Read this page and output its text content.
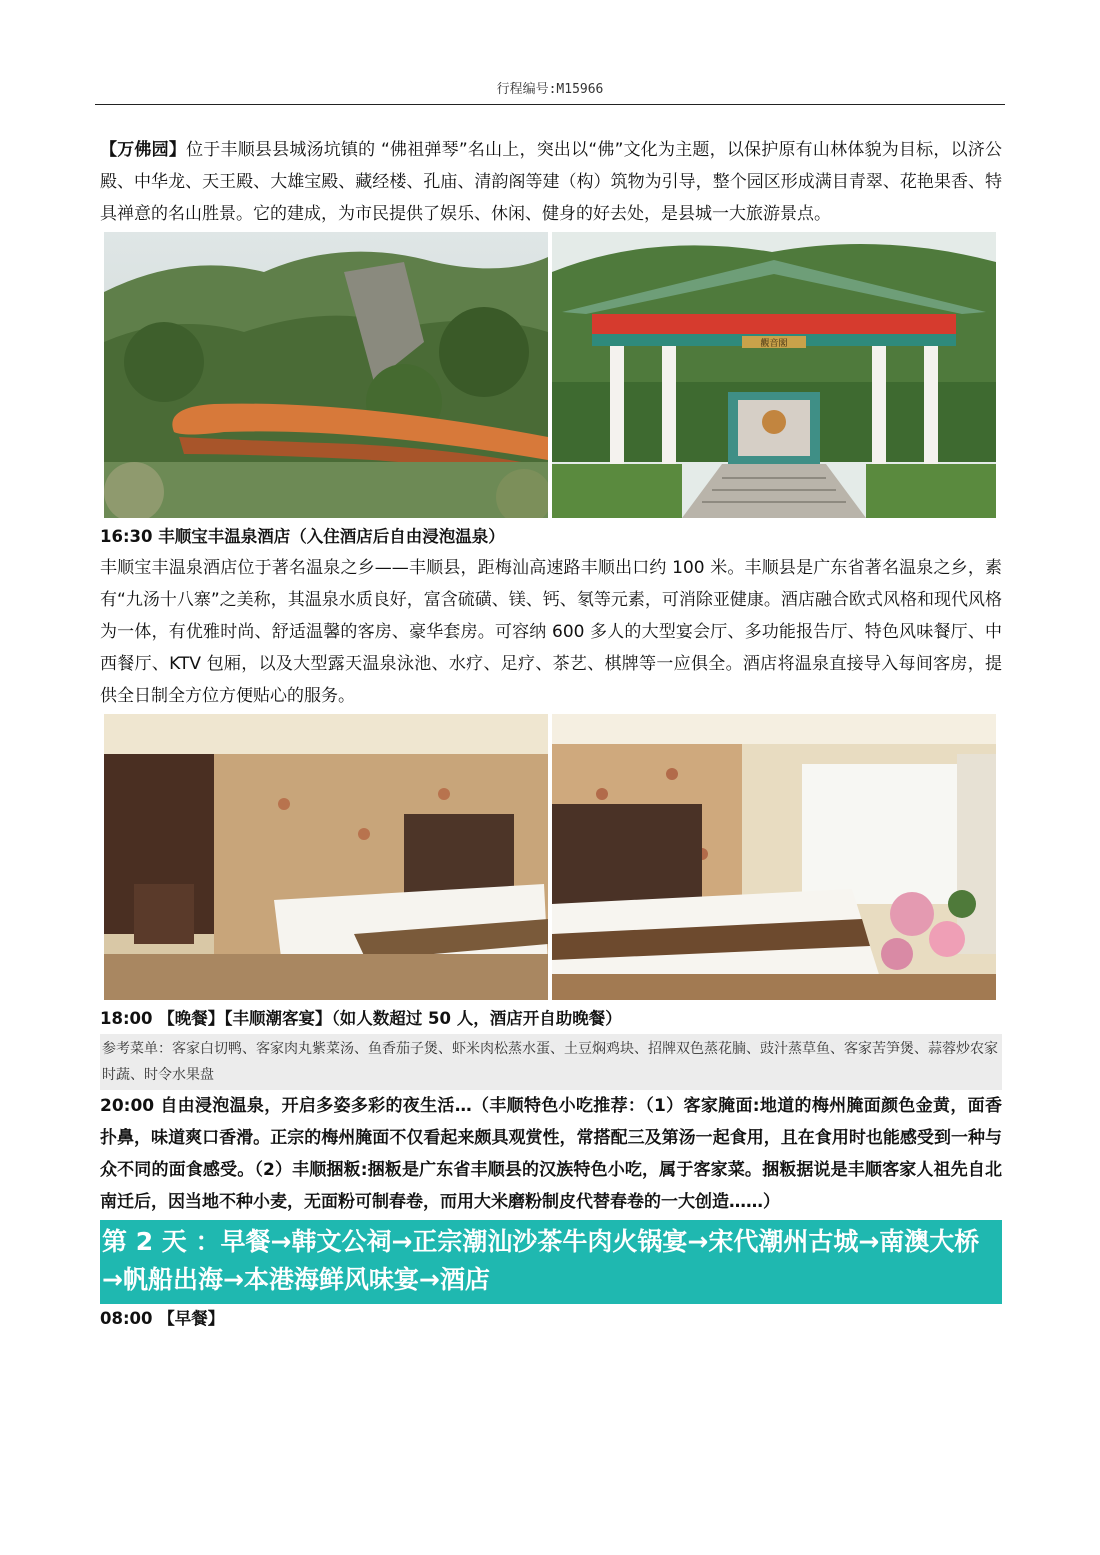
行程编号:M15966

【万佛园】位于丰顺县县城汤坑镇的 “佛祖弹琴”名山上，突出以“佛”文化为主题，以保护原有山林体貌为目标，以济公殿、中华龙、天王殿、大雄宝殿、藏经楼、孔庙、清韵阁等建（构）筑物为引导，整个园区形成满目青翠、花艳果香、特具禅意的名山胜景。它的建成，为市民提供了娱乐、休闲、健身的好去处，是县城一大旅游景点。

觀音閣

16:30 丰顺宝丰温泉酒店（入住酒店后自由浸泡温泉）

丰顺宝丰温泉酒店位于著名温泉之乡——丰顺县，距梅汕高速路丰顺出口约 100 米。丰顺县是广东省著名温泉之乡，素有“九汤十八寨”之美称，其温泉水质良好，富含硫磺、镁、钙、氡等元素，可消除亚健康。酒店融合欧式风格和现代风格为一体，有优雅时尚、舒适温馨的客房、豪华套房。可容纳 600 多人的大型宴会厅、多功能报告厅、特色风味餐厅、中西餐厅、KTV 包厢，以及大型露天温泉泳池、水疗、足疗、茶艺、棋牌等一应俱全。酒店将温泉直接导入每间客房，提供全日制全方位方便贴心的服务。

18:00 【晚餐】【丰顺潮客宴】（如人数超过 50 人，酒店开自助晚餐）

参考菜单：客家白切鸭、客家肉丸紫菜汤、鱼香茄子煲、虾米肉松蒸水蛋、土豆焖鸡块、招牌双色蒸花腩、豉汁蒸草鱼、客家苦笋煲、蒜蓉炒农家时蔬、时令水果盘

20:00 自由浸泡温泉，开启多姿多彩的夜生活…（丰顺特色小吃推荐：（1）客家腌面:地道的梅州腌面颜色金黄，面香扑鼻，味道爽口香滑。正宗的梅州腌面不仅看起来颇具观赏性，常搭配三及第汤一起食用，且在食用时也能感受到一种与众不同的面食感受。（2）丰顺捆粄:捆粄是广东省丰顺县的汉族特色小吃，属于客家菜。捆粄据说是丰顺客家人祖先自北南迁后，因当地不种小麦，无面粉可制春卷，而用大米磨粉制皮代替春卷的一大创造……）

第 2 天 ：早餐→韩文公祠→正宗潮汕沙茶牛肉火锅宴→宋代潮州古城→南澳大桥→帆船出海→本港海鲜风味宴→酒店

08:00 【早餐】
